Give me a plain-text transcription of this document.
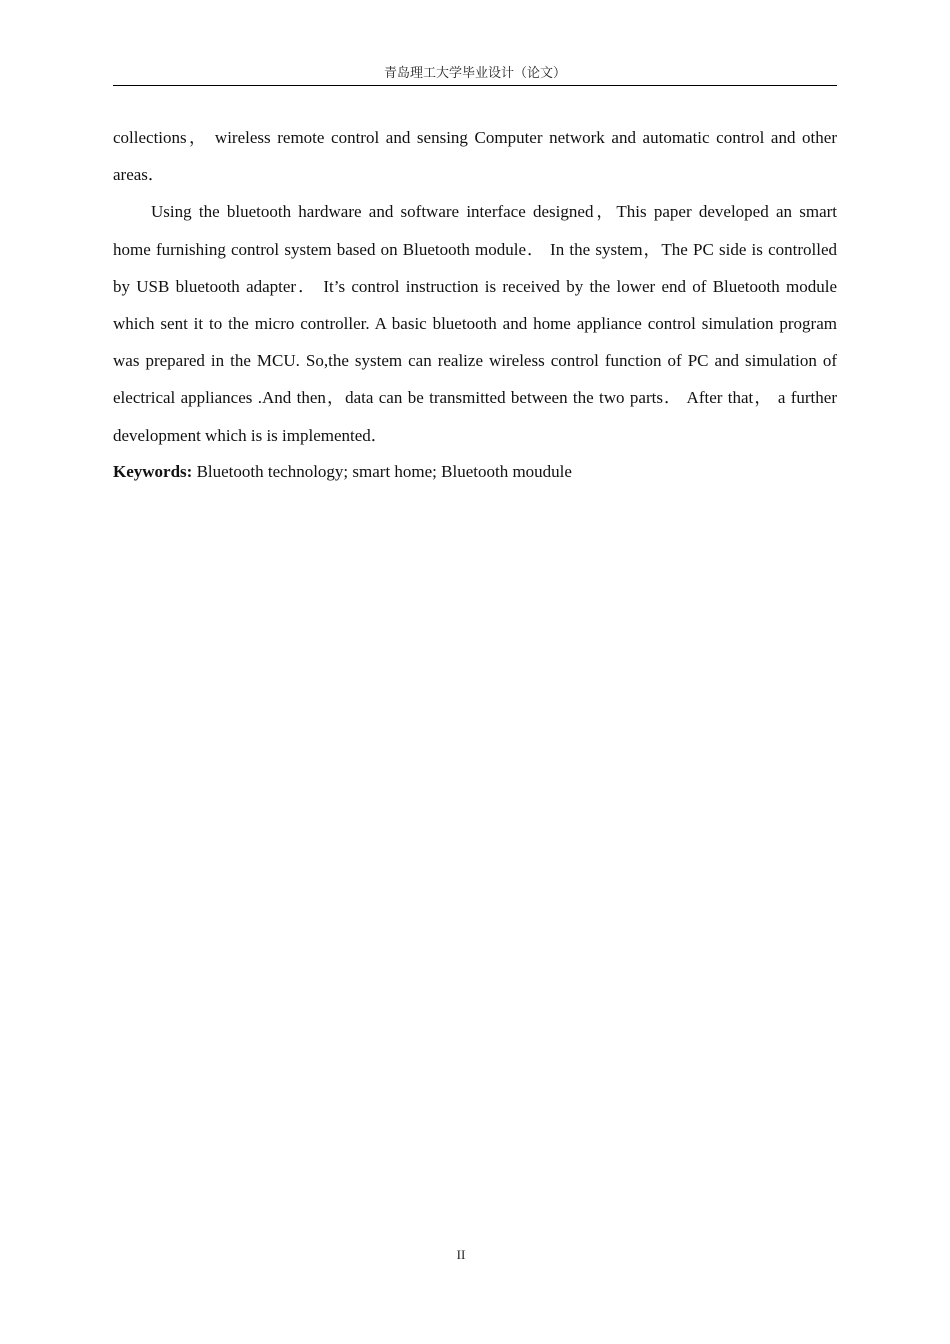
青岛理工大学毕业设计（论文）

collections， wireless remote control and sensing Computer network and automatic control and other areas．

Using the bluetooth hardware and software interface designed，This paper developed an smart home furnishing control system based on Bluetooth module． In the system，The PC side is controlled by USB bluetooth adapter． It’s control instruction is received by the lower end of Bluetooth module which sent it to the micro controller. A basic bluetooth and home appliance control simulation program was prepared in the MCU. So,the system can realize wireless control function of PC and simulation of electrical appliances .And then，data can be transmitted between the two parts． After that， a further development which is is implemented．

Keywords: Bluetooth technology; smart home; Bluetooth moudule

II
